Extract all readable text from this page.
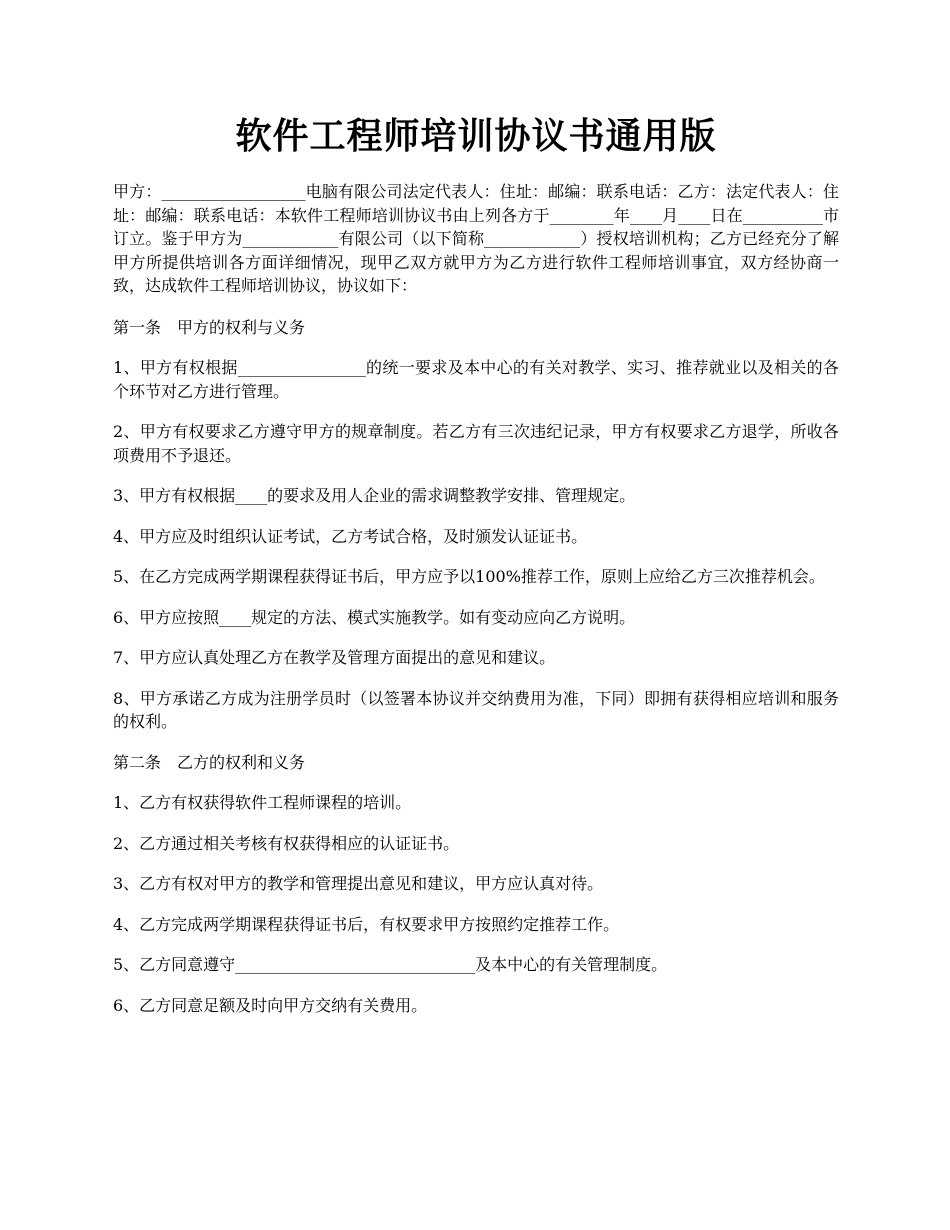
软件工程师培训协议书通用版

甲方：__________________电脑有限公司法定代表人：住址：邮编：联系电话：乙方：法定代表人：住址：邮编：联系电话：本软件工程师培训协议书由上列各方于________年____月____日在__________市订立。鉴于甲方为____________有限公司（以下简称____________）授权培训机构；乙方已经充分了解甲方所提供培训各方面详细情况，现甲乙双方就甲方为乙方进行软件工程师培训事宜，双方经协商一致，达成软件工程师培训协议，协议如下：

第一条　甲方的权利与义务

1、甲方有权根据________________的统一要求及本中心的有关对教学、实习、推荐就业以及相关的各个环节对乙方进行管理。

2、甲方有权要求乙方遵守甲方的规章制度。若乙方有三次违纪记录，甲方有权要求乙方退学，所收各项费用不予退还。

3、甲方有权根据____的要求及用人企业的需求调整教学安排、管理规定。

4、甲方应及时组织认证考试，乙方考试合格，及时颁发认证证书。

5、在乙方完成两学期课程获得证书后，甲方应予以100%推荐工作，原则上应给乙方三次推荐机会。

6、甲方应按照____规定的方法、模式实施教学。如有变动应向乙方说明。

7、甲方应认真处理乙方在教学及管理方面提出的意见和建议。

8、甲方承诺乙方成为注册学员时（以签署本协议并交纳费用为准，下同）即拥有获得相应培训和服务的权利。

第二条　乙方的权利和义务

1、乙方有权获得软件工程师课程的培训。

2、乙方通过相关考核有权获得相应的认证证书。

3、乙方有权对甲方的教学和管理提出意见和建议，甲方应认真对待。

4、乙方完成两学期课程获得证书后，有权要求甲方按照约定推荐工作。

5、乙方同意遵守______________________________及本中心的有关管理制度。

6、乙方同意足额及时向甲方交纳有关费用。
